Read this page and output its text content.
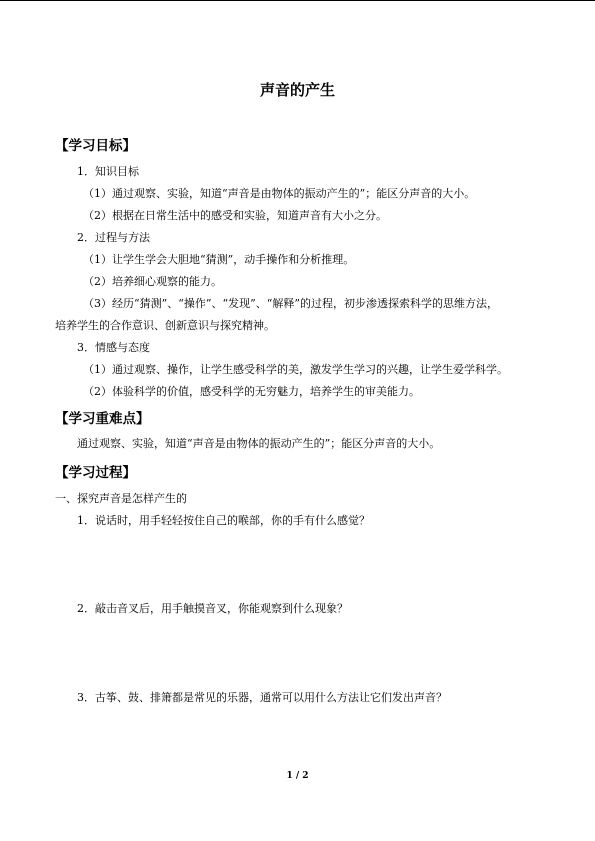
声音的产生
【学习目标】
1．知识目标
（1）通过观察、实验，知道“声音是由物体的振动产生的”；能区分声音的大小。
（2）根据在日常生活中的感受和实验，知道声音有大小之分。
2．过程与方法
（1）让学生学会大胆地“猜测”，动手操作和分析推理。
（2）培养细心观察的能力。
（3）经历“猜测”、“操作”、“发现”、“解释”的过程，初步渗透探索科学的思维方法，
培养学生的合作意识、创新意识与探究精神。
3．情感与态度
（1）通过观察、操作，让学生感受科学的美，激发学生学习的兴趣，让学生爱学科学。
（2）体验科学的价值，感受科学的无穷魅力，培养学生的审美能力。
【学习重难点】
通过观察、实验，知道“声音是由物体的振动产生的”；能区分声音的大小。
【学习过程】
一、探究声音是怎样产生的
1．说话时，用手轻轻按住自己的喉部，你的手有什么感觉？
2．敲击音叉后，用手触摸音叉，你能观察到什么现象？
3．古筝、鼓、排箫都是常见的乐器，通常可以用什么方法让它们发出声音？
1 / 2
